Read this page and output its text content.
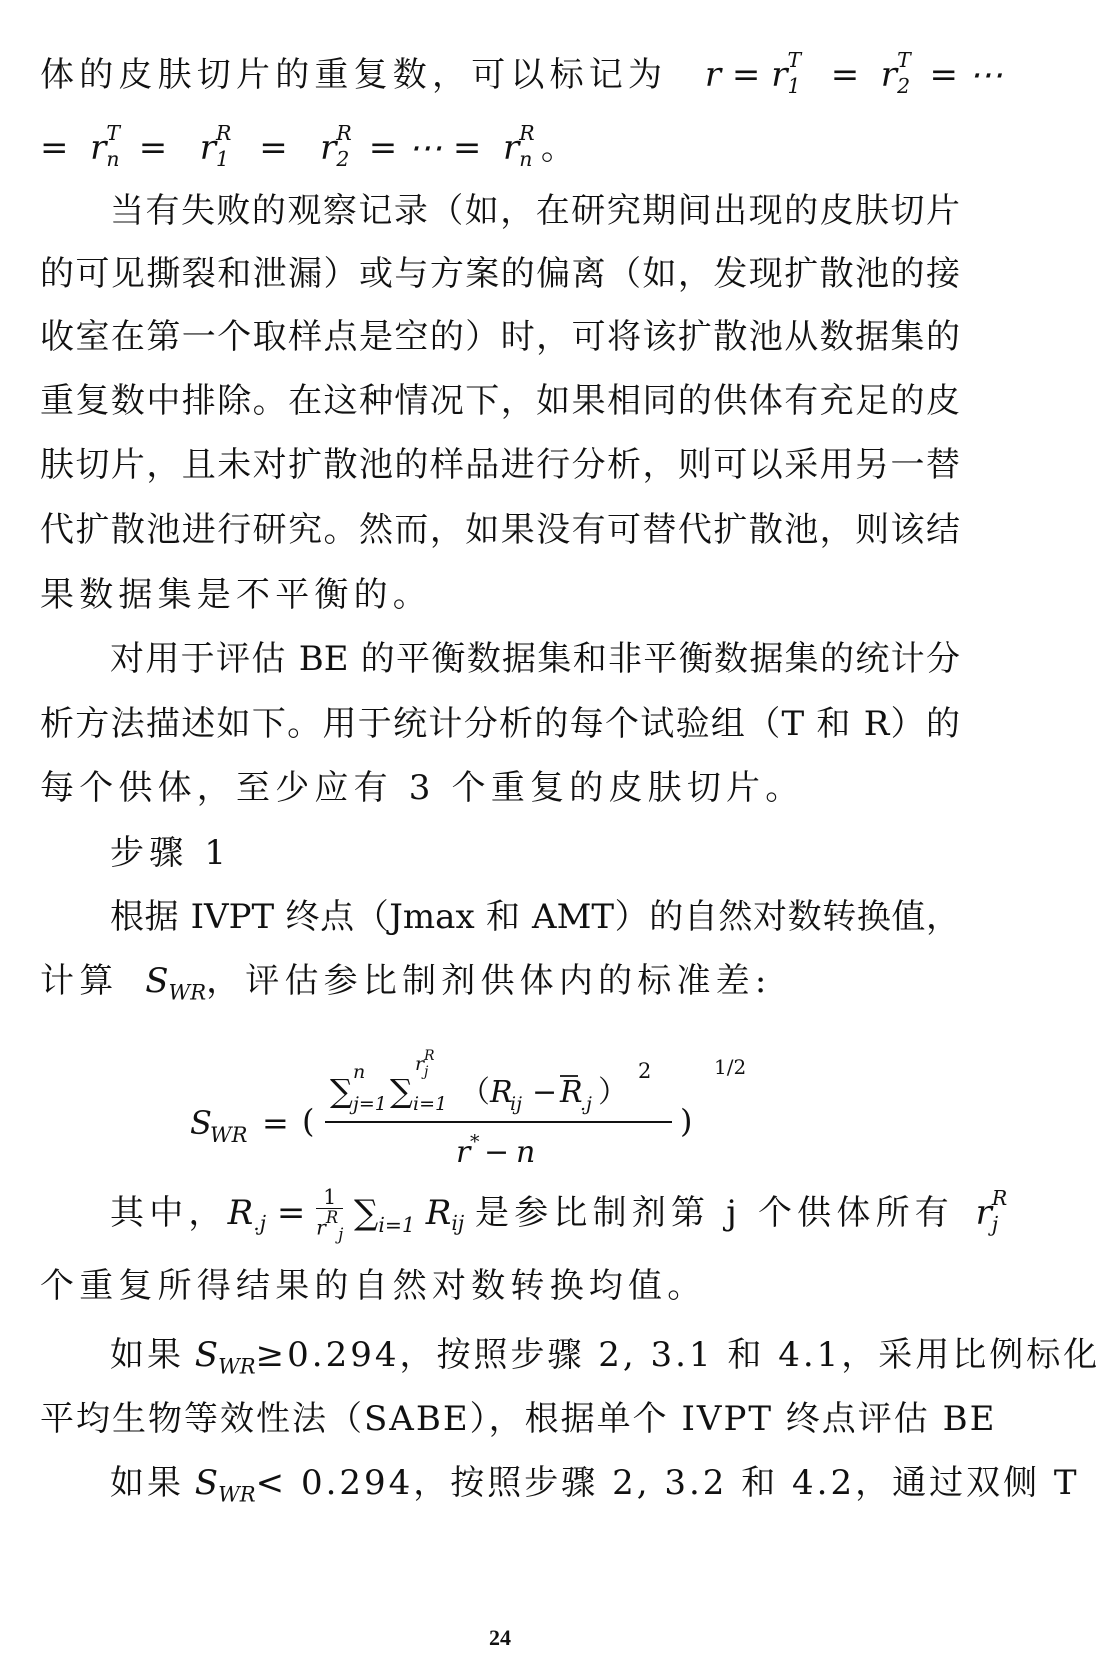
体的皮肤切片的重复数，可以标记为   r = r T
1 =  r T
2 = ⋯
=  r T
n =   r R
1 =   r R
2 = ⋯ =  r R
n 。
当有失败的观察记录（如，在研究期间出现的皮肤切片
的可见撕裂和泄漏）或与方案的偏离（如，发现扩散池的接
收室在第一个取样点是空的）时，可将该扩散池从数据集的
重复数中排除。在这种情况下，如果相同的供体有充足的皮
肤切片，且未对扩散池的样品进行分析，则可以采用另一替
代扩散池进行研究。然而，如果没有可替代扩散池，则该结
果数据集是不平衡的。
对用于评估 BE 的平衡数据集和非平衡数据集的统计分
析方法描述如下。用于统计分析的每个试验组（T 和 R）的
每个供体，至少应有 3 个重复的皮肤切片。
步骤 1
根据 IVPT 终点（Jmax 和 AMT）的自然对数转换值，
计算  $S_{WR}$，评估参比制剂供体内的标准差:
S
WR = (
∑ n
j=1 ∑
r R
j
i=1 （ R
ij − R
.j ）
2
r * − n
)
1/2
其中，R.j = 1
$r^R_j$
$\sum_{i=1}$ Rij 是参比制剂第 j 个供体所有  r R
j

个重复所得结果的自然对数转换均值。
如果 $S_{WR}\ge 0.294$，按照步骤 2, 3.1 和 4.1，采用比例标化
平均生物等效性法（SABE），根据单个 IVPT 终点评估 BE
如果 $S_{WR}< 0.294$，按照步骤 2, 3.2 和 4.2，通过双侧 T
24
